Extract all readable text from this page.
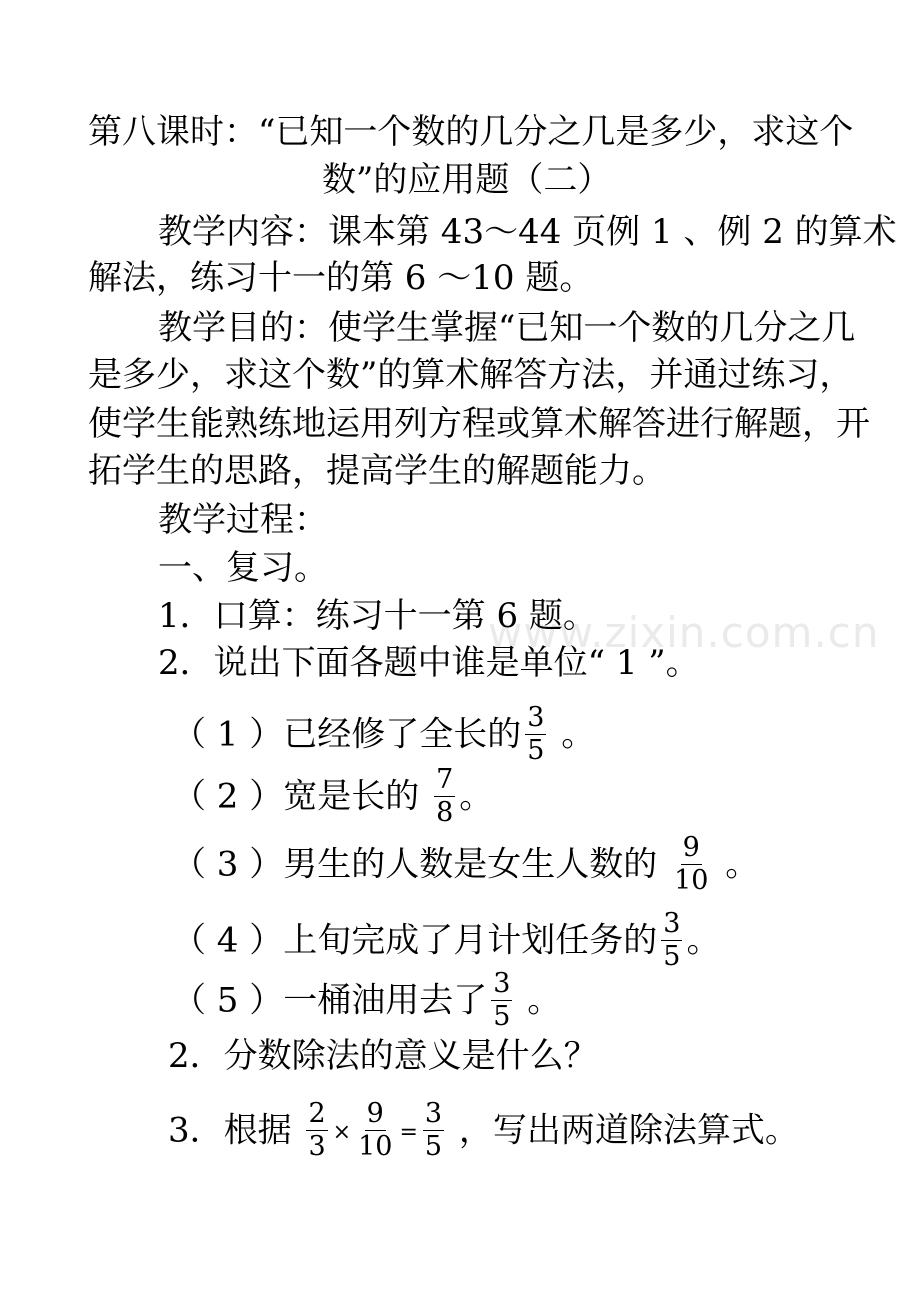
www.zixin.com.cn
第八课时：“已知一个数的几分之几是多少，求这个
数”的应用题（二）
教学内容：课本第 43～44 页例 1 、例 2 的算术
解法，练习十一的第 6 ～10 题。
教学目的：使学生掌握“已知一个数的几分之几
是多少，求这个数”的算术解答方法，并通过练习，
使学生能熟练地运用列方程或算术解答进行解题，开
拓学生的思路，提高学生的解题能力。
教学过程：
一、复习。
1．口算：练习十一第 6 题。
2．说出下面各题中谁是单位“ 1 ”。
（ 1 ）已经修了全长的 $\frac{3}{5}$ 。
（ 2 ）宽是长的 $\frac{7}{8}$ 。
（ 3 ）男生的人数是女生人数的 $\frac{9}{10}$ 。
（ 4 ）上旬完成了月计划任务的 $\frac{3}{5}$ 。
（ 5 ）一桶油用去了 $\frac{3}{5}$ 。
2．分数除法的意义是什么？
3．根据 $\frac{2}{3} \times \frac{9}{10} = \frac{3}{5}$ ，写出两道除法算式。
